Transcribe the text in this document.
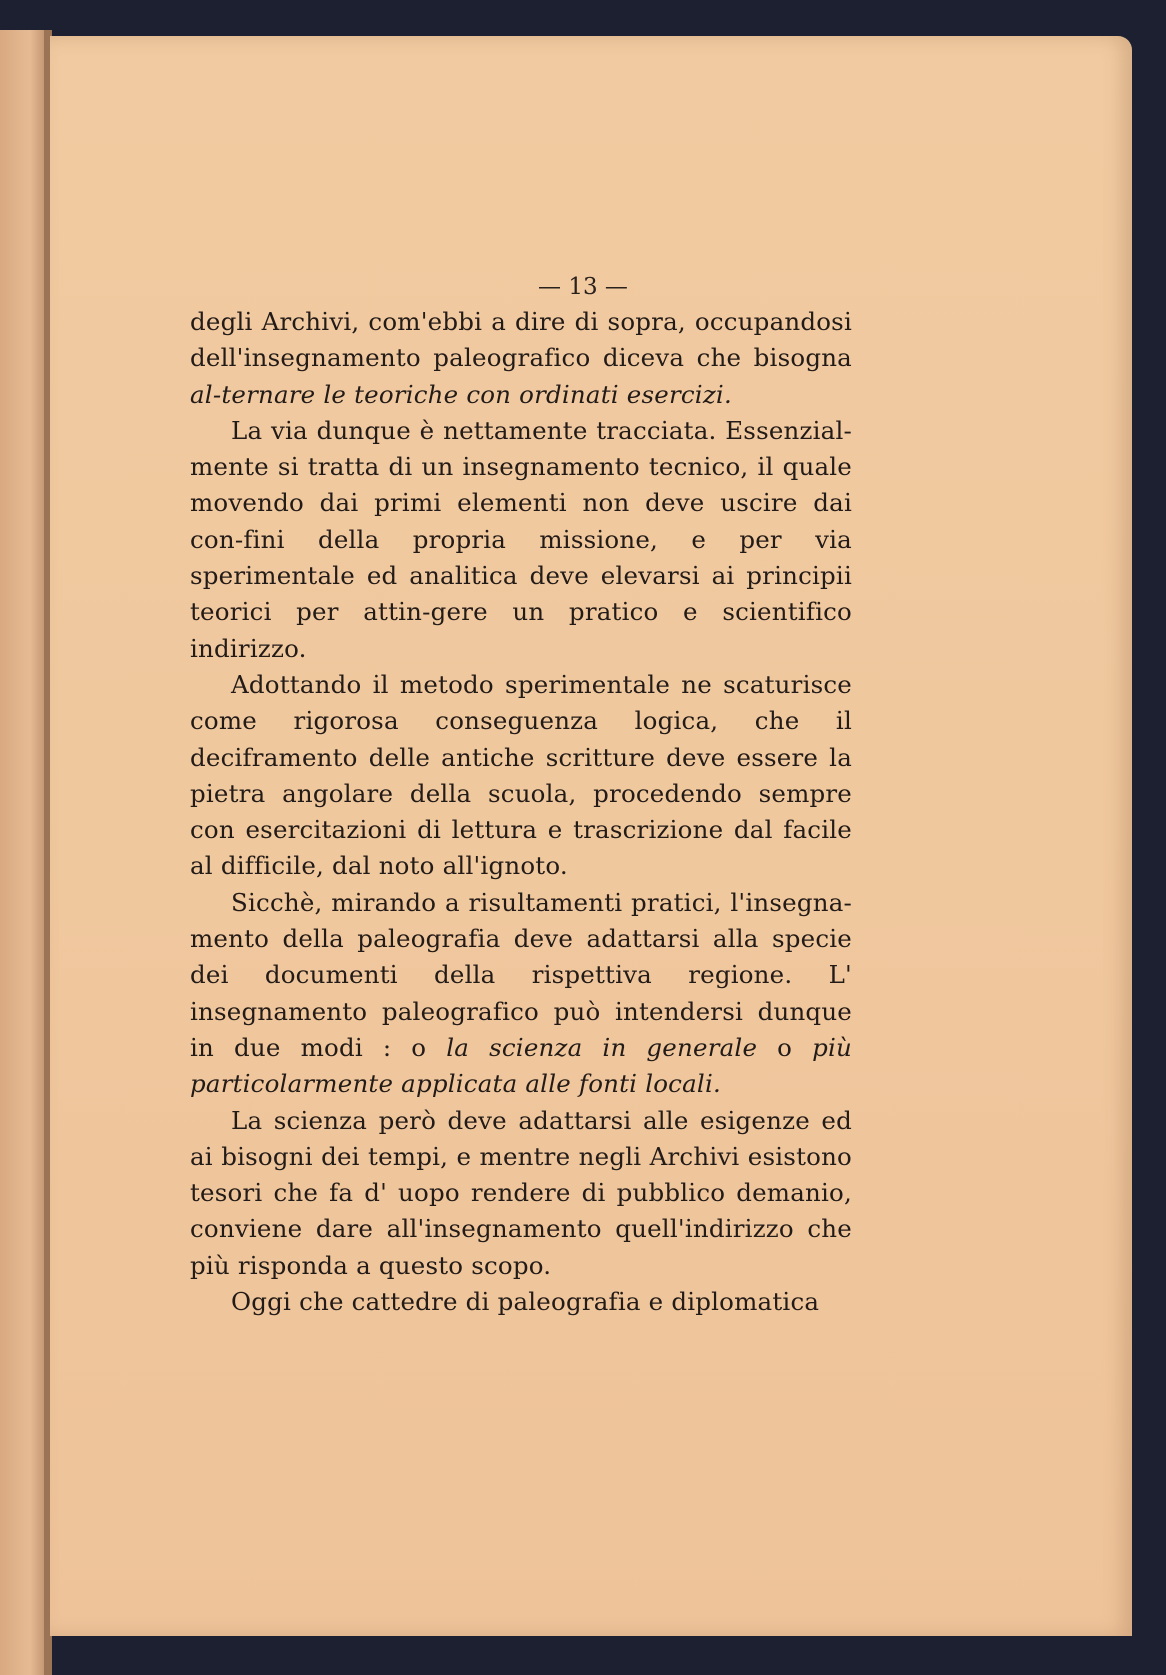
— 13 —

degli Archivi, com'ebbi a dire di sopra, occupandosi dell'insegnamento paleografico diceva che bisogna al-ternare le teoriche con ordinati esercizi.

La via dunque è nettamente tracciata. Essenzial-mente si tratta di un insegnamento tecnico, il quale movendo dai primi elementi non deve uscire dai con-fini della propria missione, e per via sperimentale ed analitica deve elevarsi ai principii teorici per attin-gere un pratico e scientifico indirizzo.

Adottando il metodo sperimentale ne scaturisce come rigorosa conseguenza logica, che il deciframento delle antiche scritture deve essere la pietra angolare della scuola, procedendo sempre con esercitazioni di lettura e trascrizione dal facile al difficile, dal noto all'ignoto.

Sicchè, mirando a risultamenti pratici, l'insegna-mento della paleografia deve adattarsi alla specie dei documenti della rispettiva regione. L' insegnamento paleografico può intendersi dunque in due modi : o la scienza in generale o più particolarmente applicata alle fonti locali.

La scienza però deve adattarsi alle esigenze ed ai bisogni dei tempi, e mentre negli Archivi esistono tesori che fa d' uopo rendere di pubblico demanio, conviene dare all'insegnamento quell'indirizzo che più risponda a questo scopo.

Oggi che cattedre di paleografia e diplomatica
